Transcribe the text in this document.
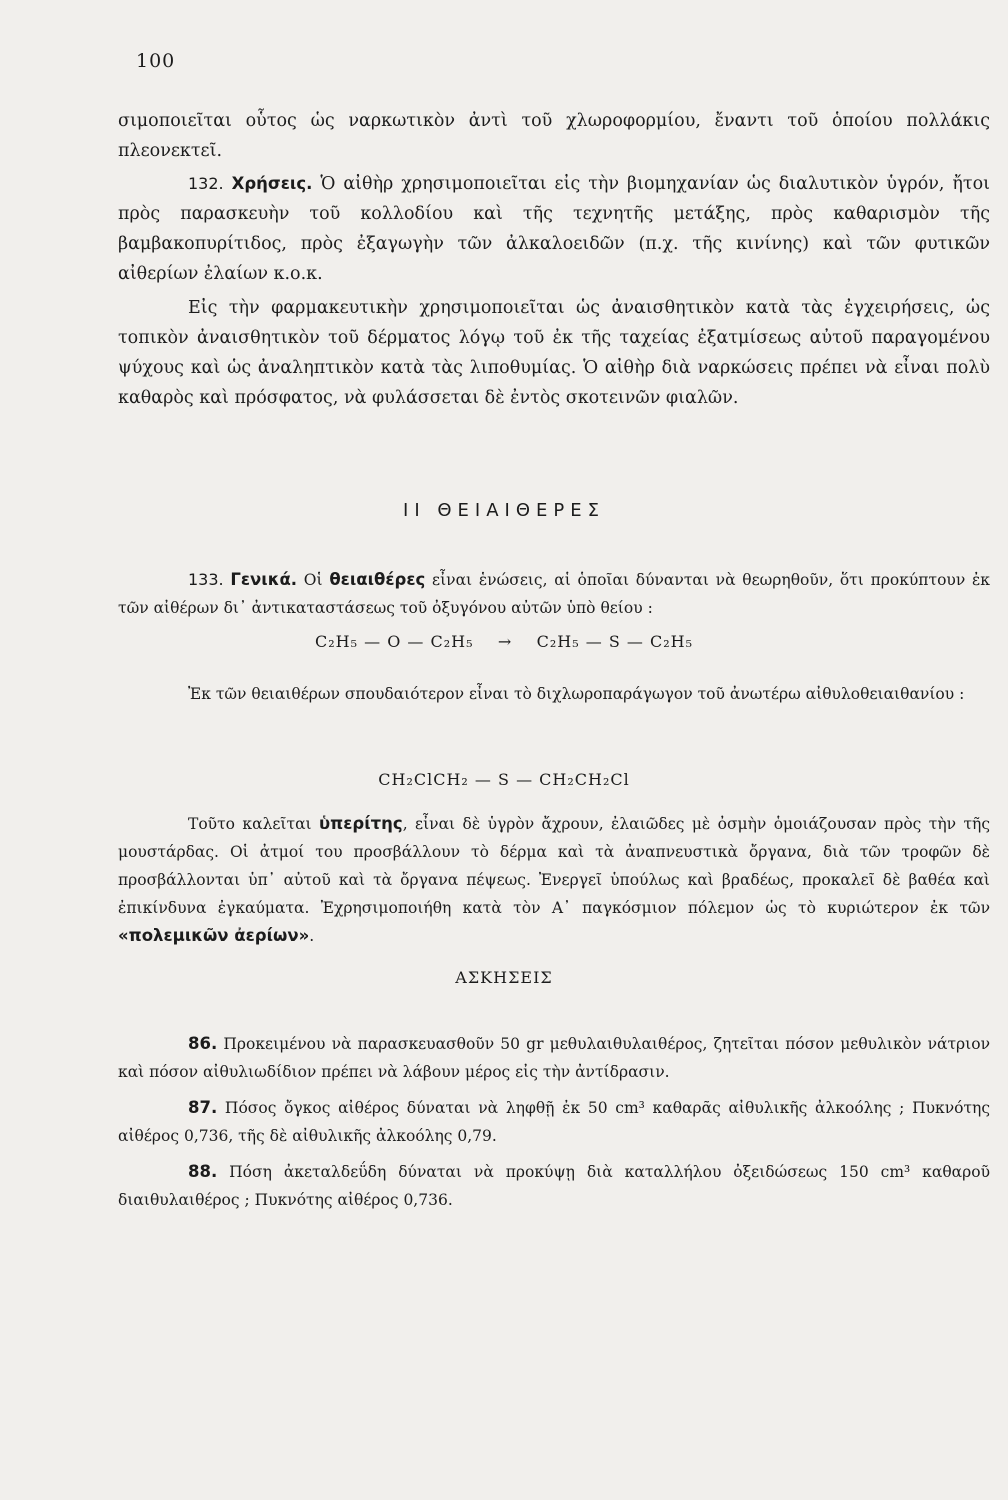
100

σιμοποιεῖται οὗτος ὡς ναρκωτικὸν ἀντὶ τοῦ χλωροφορμίου, ἔναντι τοῦ ὁποίου πολλάκις πλεονεκτεῖ.

132. Χρήσεις. Ὁ αἰθὴρ χρησιμοποιεῖται εἰς τὴν βιομηχανίαν ὡς διαλυτικὸν ὑγρόν, ἤτοι πρὸς παρασκευὴν τοῦ κολλοδίου καὶ τῆς τεχνητῆς μετάξης, πρὸς καθαρισμὸν τῆς βαμβακοπυρίτιδος, πρὸς ἐξαγωγὴν τῶν ἀλκαλοειδῶν (π.χ. τῆς κινίνης) καὶ τῶν φυτικῶν αἰθερίων ἐλαίων κ.ο.κ.

Εἰς τὴν φαρμακευτικὴν χρησιμοποιεῖται ὡς ἀναισθητικὸν κατὰ τὰς ἐγχειρήσεις, ὡς τοπικὸν ἀναισθητικὸν τοῦ δέρματος λόγῳ τοῦ ἐκ τῆς ταχείας ἐξατμίσεως αὐτοῦ παραγομένου ψύχους καὶ ὡς ἀναληπτικὸν κατὰ τὰς λιποθυμίας. Ὁ αἰθὴρ διὰ ναρκώσεις πρέπει νὰ εἶναι πολὺ καθαρὸς καὶ πρόσφατος, νὰ φυλάσσεται δὲ ἐντὸς σκοτεινῶν φιαλῶν.

II ΘΕΙΑΙΘΕΡΕΣ

133. Γενικά. Οἱ θειαιθέρες εἶναι ἑνώσεις, αἱ ὁποῖαι δύνανται νὰ θεωρηθοῦν, ὅτι προκύπτουν ἐκ τῶν αἰθέρων δι᾽ ἀντικαταστάσεως τοῦ ὀξυγόνου αὐτῶν ὑπὸ θείου :

C₂H₅ — O — C₂H₅ → C₂H₅ — S — C₂H₅

Ἐκ τῶν θειαιθέρων σπουδαιότερον εἶναι τὸ διχλωροπαράγωγον τοῦ ἀνωτέρω αἰθυλοθειαιθανίου :

CH₂ClCH₂ — S — CH₂CH₂Cl

Τοῦτο καλεῖται ὑπερίτης, εἶναι δὲ ὑγρὸν ἄχρουν, ἐλαιῶδες μὲ ὀσμὴν ὁμοιάζουσαν πρὸς τὴν τῆς μουστάρδας. Οἱ ἀτμοί του προσβάλλουν τὸ δέρμα καὶ τὰ ἀναπνευστικὰ ὄργανα, διὰ τῶν τροφῶν δὲ προσβάλλονται ὑπ᾽ αὐτοῦ καὶ τὰ ὄργανα πέψεως. Ἐνεργεῖ ὑπούλως καὶ βραδέως, προκαλεῖ δὲ βαθέα καὶ ἐπικίνδυνα ἐγκαύματα. Ἐχρησιμοποιήθη κατὰ τὸν Α᾽ παγκόσμιον πόλεμον ὡς τὸ κυριώτερον ἐκ τῶν «πολεμικῶν ἀερίων».

ΑΣΚΗΣΕΙΣ

86. Προκειμένου νὰ παρασκευασθοῦν 50 gr μεθυλαιθυλαιθέρος, ζητεῖται πόσον μεθυλικὸν νάτριον καὶ πόσον αἰθυλιωδίδιον πρέπει νὰ λάβουν μέρος εἰς τὴν ἀντίδρασιν.

87. Πόσος ὄγκος αἰθέρος δύναται νὰ ληφθῇ ἐκ 50 cm³ καθαρᾶς αἰθυλικῆς ἀλκοόλης ; Πυκνότης αἰθέρος 0,736, τῆς δὲ αἰθυλικῆς ἀλκοόλης 0,79.

88. Πόση ἀκεταλδεΰδη δύναται νὰ προκύψῃ διὰ καταλλήλου ὀξειδώσεως 150 cm³ καθαροῦ διαιθυλαιθέρος ; Πυκνότης αἰθέρος 0,736.
